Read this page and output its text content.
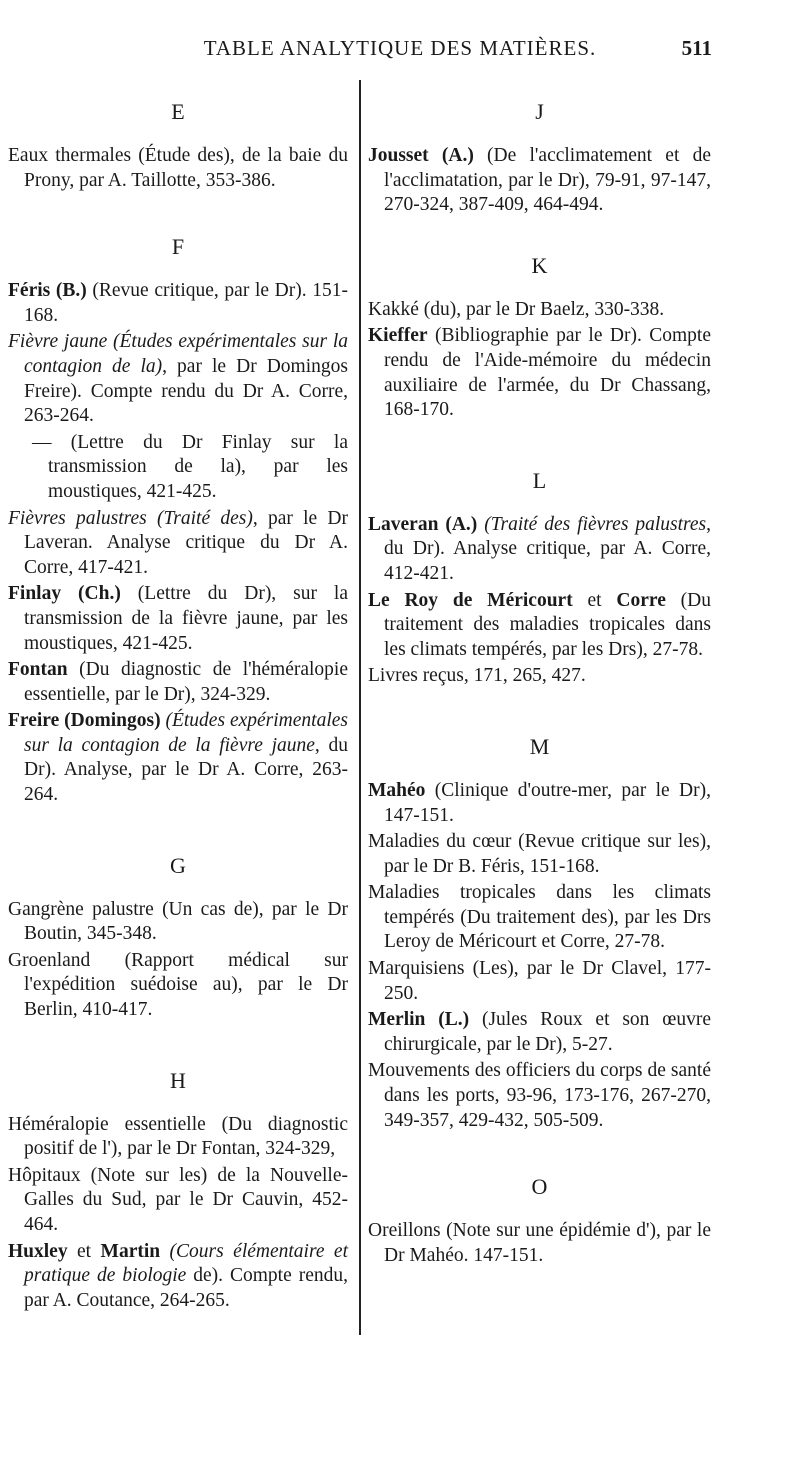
TABLE ANALYTIQUE DES MATIÈRES.	511
E

Eaux thermales (Étude des), de la baie du Prony, par A. Taillotte, 353-386.

F

Féris (B.) (Revue critique, par le Dr). 151-168.

Fièvre jaune (Études expérimentales sur la contagion de la), par le Dr Domingos Freire). Compte rendu du Dr A. Corre, 263-264.

— (Lettre du Dr Finlay sur la transmission de la), par les moustiques, 421-425.

Fièvres palustres (Traité des), par le Dr Laveran. Analyse critique du Dr A. Corre, 417-421.

Finlay (Ch.) (Lettre du Dr), sur la transmission de la fièvre jaune, par les moustiques, 421-425.

Fontan (Du diagnostic de l'héméralopie essentielle, par le Dr), 324-329.

Freire (Domingos) (Études expérimentales sur la contagion de la fièvre jaune, du Dr). Analyse, par le Dr A. Corre, 263-264.

G

Gangrène palustre (Un cas de), par le Dr Boutin, 345-348.

Groenland (Rapport médical sur l'expédition suédoise au), par le Dr Berlin, 410-417.

H

Héméralopie essentielle (Du diagnostic positif de l'), par le Dr Fontan, 324-329,

Hôpitaux (Note sur les) de la Nouvelle-Galles du Sud, par le Dr Cauvin, 452-464.

Huxley et Martin (Cours élémentaire et pratique de biologie de). Compte rendu, par A. Coutance, 264-265.

J

Jousset (A.) (De l'acclimatement et de l'acclimatation, par le Dr), 79-91, 97-147, 270-324, 387-409, 464-494.

K

Kakké (du), par le Dr Baelz, 330-338.

Kieffer (Bibliographie par le Dr). Compte rendu de l'Aide-mémoire du médecin auxiliaire de l'armée, du Dr Chassang, 168-170.

L

Laveran (A.) (Traité des fièvres palustres, du Dr). Analyse critique, par A. Corre, 412-421.

Le Roy de Méricourt et Corre (Du traitement des maladies tropicales dans les climats tempérés, par les Drs), 27-78.

Livres reçus, 171, 265, 427.

M

Mahéo (Clinique d'outre-mer, par le Dr), 147-151.

Maladies du cœur (Revue critique sur les), par le Dr B. Féris, 151-168.

Maladies tropicales dans les climats tempérés (Du traitement des), par les Drs Leroy de Méricourt et Corre, 27-78.

Marquisiens (Les), par le Dr Clavel, 177-250.

Merlin (L.) (Jules Roux et son œuvre chirurgicale, par le Dr), 5-27.

Mouvements des officiers du corps de santé dans les ports, 93-96, 173-176, 267-270, 349-357, 429-432, 505-509.

O

Oreillons (Note sur une épidémie d'), par le Dr Mahéo. 147-151.
